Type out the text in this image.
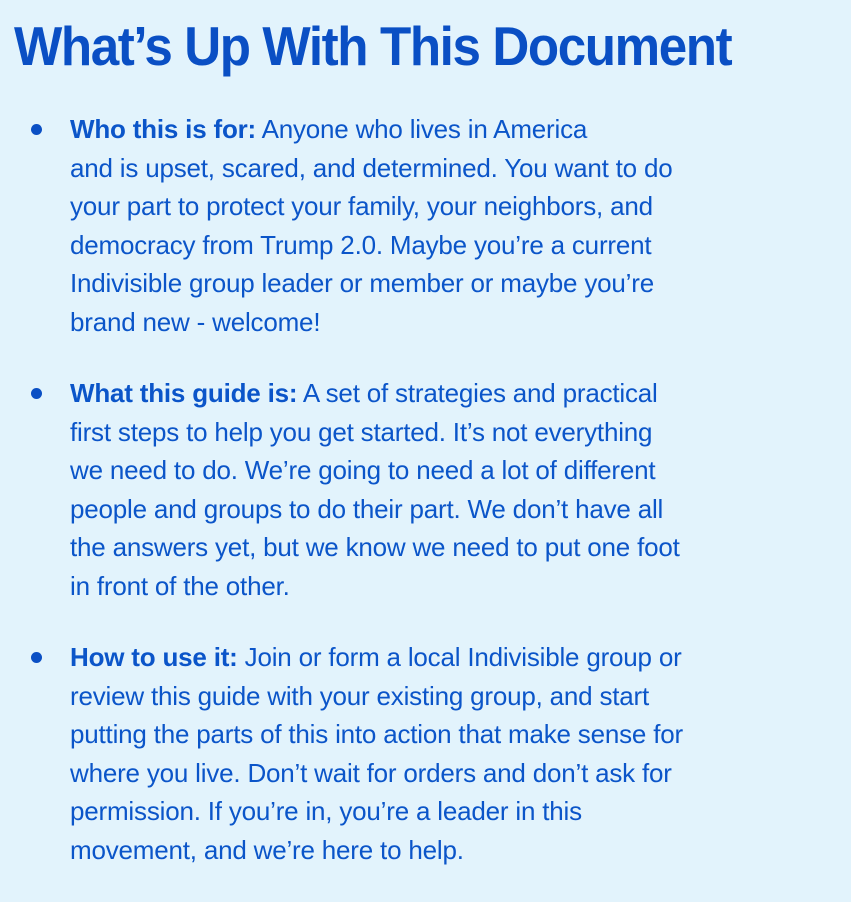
What’s Up With This Document
Who this is for: Anyone who lives in America
and is upset, scared, and determined. You want to do
your part to protect your family, your neighbors, and
democracy from Trump 2.0. Maybe you’re a current
Indivisible group leader or member or maybe you’re
brand new - welcome!
What this guide is: A set of strategies and practical
first steps to help you get started. It’s not everything
we need to do. We’re going to need a lot of different
people and groups to do their part. We don’t have all
the answers yet, but we know we need to put one foot
in front of the other.
How to use it: Join or form a local Indivisible group or
review this guide with your existing group, and start
putting the parts of this into action that make sense for
where you live. Don’t wait for orders and don’t ask for
permission. If you’re in, you’re a leader in this
movement, and we’re here to help.
